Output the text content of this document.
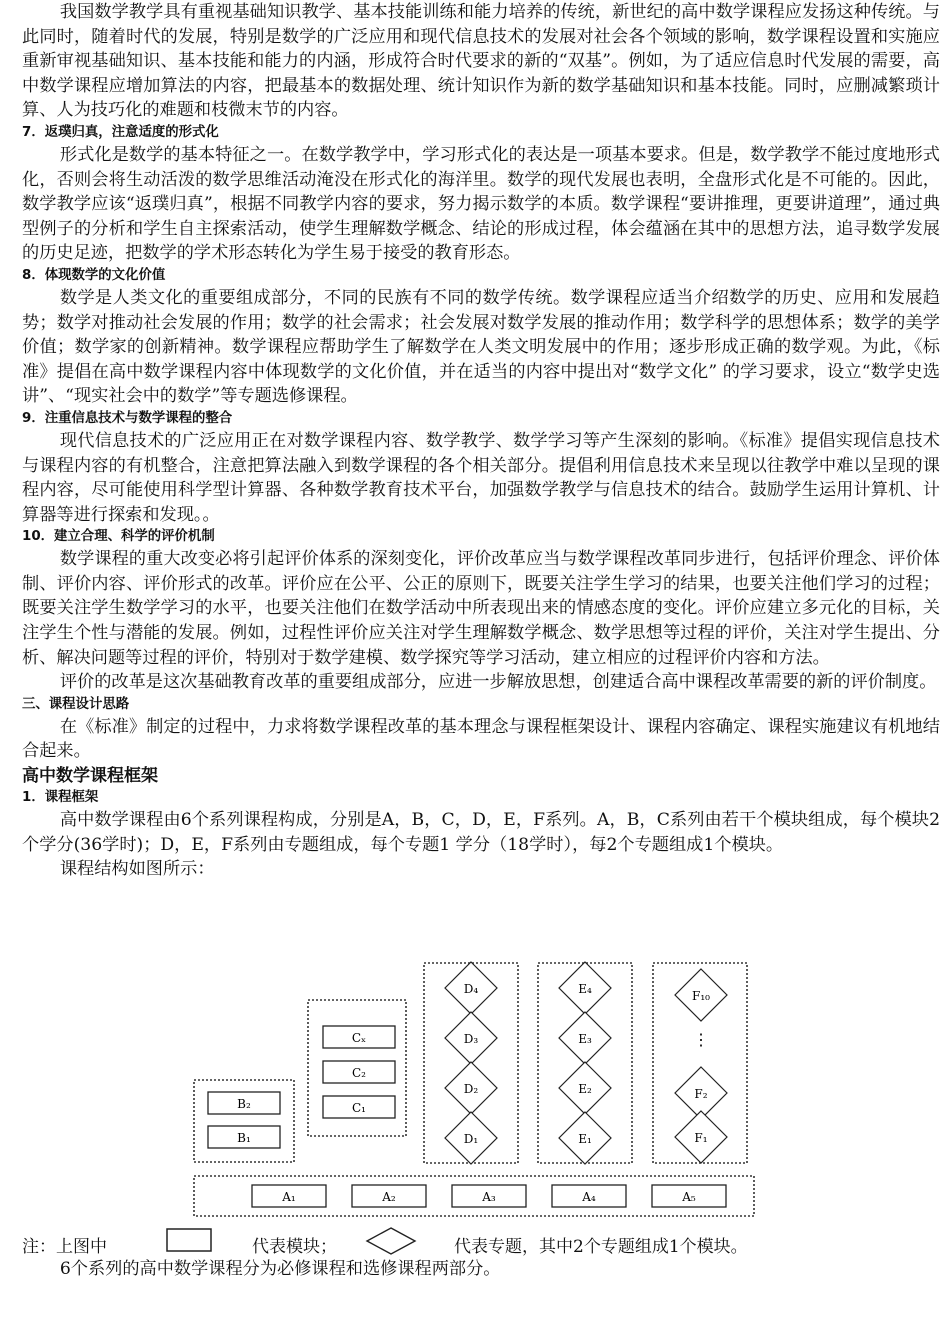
我国数学教学具有重视基础知识教学、基本技能训练和能力培养的传统，新世纪的高中数学课程应发扬这种传统。与此同时，随着时代的发展，特别是数学的广泛应用和现代信息技术的发展对社会各个领域的影响，数学课程设置和实施应重新审视基础知识、基本技能和能力的内涵，形成符合时代要求的新的“双基”。例如，为了适应信息时代发展的需要，高中数学课程应增加算法的内容，把最基本的数据处理、统计知识作为新的数学基础知识和基本技能。同时，应删减繁琐计算、人为技巧化的难题和枝微末节的内容。

7．返璞归真，注意适度的形式化

形式化是数学的基本特征之一。在数学教学中，学习形式化的表达是一项基本要求。但是，数学教学不能过度地形式化，否则会将生动活泼的数学思维活动淹没在形式化的海洋里。数学的现代发展也表明，全盘形式化是不可能的。因此，数学教学应该“返璞归真”，根据不同教学内容的要求，努力揭示数学的本质。数学课程“要讲推理，更要讲道理”，通过典型例子的分析和学生自主探索活动，使学生理解数学概念、结论的形成过程，体会蕴涵在其中的思想方法，追寻数学发展的历史足迹，把数学的学术形态转化为学生易于接受的教育形态。

8．体现数学的文化价值

数学是人类文化的重要组成部分，不同的民族有不同的数学传统。数学课程应适当介绍数学的历史、应用和发展趋势；数学对推动社会发展的作用；数学的社会需求；社会发展对数学发展的推动作用；数学科学的思想体系；数学的美学价值；数学家的创新精神。数学课程应帮助学生了解数学在人类文明发展中的作用；逐步形成正确的数学观。为此，《标准》提倡在高中数学课程内容中体现数学的文化价值，并在适当的内容中提出对“数学文化” 的学习要求，设立“数学史选讲”、“现实社会中的数学”等专题选修课程。

9．注重信息技术与数学课程的整合

现代信息技术的广泛应用正在对数学课程内容、数学教学、数学学习等产生深刻的影响。《标准》提倡实现信息技术与课程内容的有机整合，注意把算法融入到数学课程的各个相关部分。提倡利用信息技术来呈现以往教学中难以呈现的课程内容，尽可能使用科学型计算器、各种数学教育技术平台，加强数学教学与信息技术的结合。鼓励学生运用计算机、计算器等进行探索和发现。。

10．建立合理、科学的评价机制

数学课程的重大改变必将引起评价体系的深刻变化，评价改革应当与数学课程改革同步进行，包括评价理念、评价体制、评价内容、评价形式的改革。评价应在公平、公正的原则下，既要关注学生学习的结果，也要关注他们学习的过程；既要关注学生数学学习的水平，也要关注他们在数学活动中所表现出来的情感态度的变化。评价应建立多元化的目标，关注学生个性与潜能的发展。例如，过程性评价应关注对学生理解数学概念、数学思想等过程的评价，关注对学生提出、分析、解决问题等过程的评价，特别对于数学建模、数学探究等学习活动，建立相应的过程评价内容和方法。

评价的改革是这次基础教育改革的重要组成部分，应进一步解放思想，创建适合高中课程改革需要的新的评价制度。

三、课程设计思路

在《标准》制定的过程中，力求将数学课程改革的基本理念与课程框架设计、课程内容确定、课程实施建议有机地结合起来。

高中数学课程框架
1．课程框架

高中数学课程由6个系列课程构成，分别是A，B，C，D，E，F系列。A，B，C系列由若干个模块组成，每个模块2个学分(36学时)；D，E，F系列由专题组成，每个专题1 学分（18学时），每2个专题组成1个模块。

课程结构如图所示：

A₁	A₂	A₃	A₄	A₅
B₂
B₁
Cₓ
C₂
C₁
D₄
D₃
D₂
D₁
E₄
E₃
E₂
E₁
F₁₀
⋮
F₂
F₁
注：上图中	代表模块；	代表专题，其中2个专题组成1个模块。

6个系列的高中数学课程分为必修课程和选修课程两部分。
